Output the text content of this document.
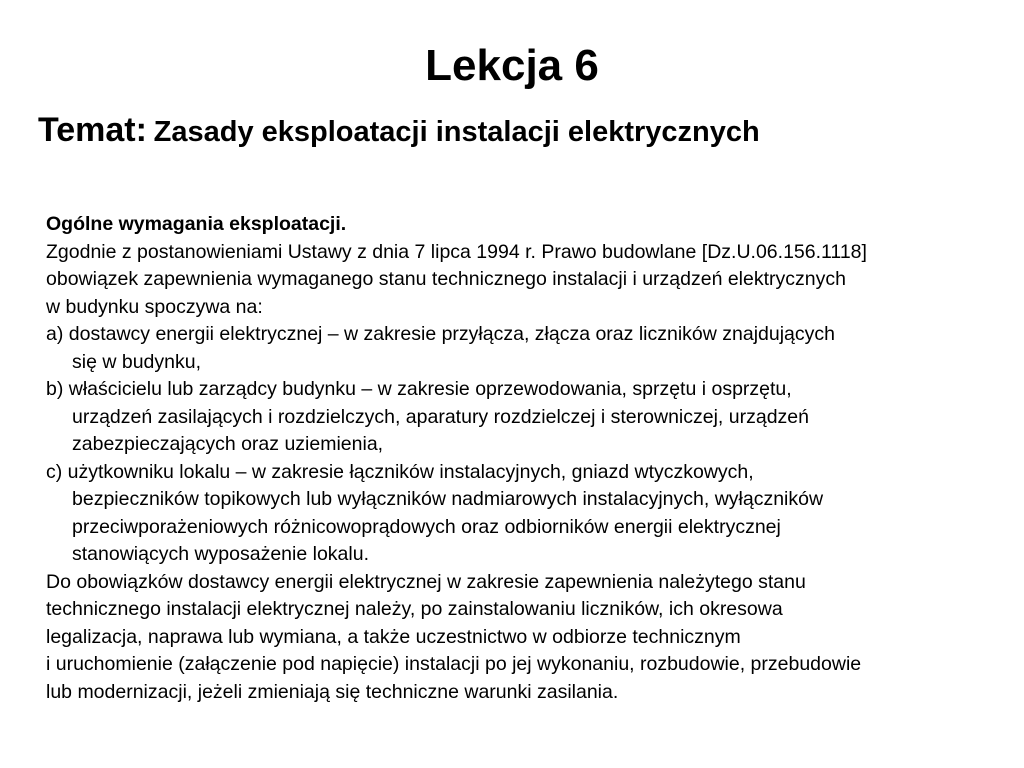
Lekcja 6
Temat: Zasady eksploatacji instalacji elektrycznych
Ogólne wymagania eksploatacji.
Zgodnie z postanowieniami Ustawy z dnia 7 lipca 1994 r. Prawo budowlane [Dz.U.06.156.1118]
obowiązek zapewnienia wymaganego stanu technicznego instalacji i urządzeń elektrycznych
w budynku spoczywa na:
a) dostawcy energii elektrycznej – w zakresie przyłącza, złącza oraz liczników znajdujących
się w budynku,
b) właścicielu lub zarządcy budynku – w zakresie oprzewodowania, sprzętu i osprzętu,
urządzeń zasilających i rozdzielczych, aparatury rozdzielczej i sterowniczej, urządzeń
zabezpieczających oraz uziemienia,
c) użytkowniku lokalu – w zakresie łączników instalacyjnych, gniazd wtyczkowych,
bezpieczników topikowych lub wyłączników nadmiarowych instalacyjnych, wyłączników
przeciwporażeniowych różnicowoprądowych oraz odbiorników energii elektrycznej
stanowiących wyposażenie lokalu.
Do obowiązków dostawcy energii elektrycznej w zakresie zapewnienia należytego stanu
technicznego instalacji elektrycznej należy, po zainstalowaniu liczników, ich okresowa
legalizacja, naprawa lub wymiana, a także uczestnictwo w odbiorze technicznym
i uruchomienie (załączenie pod napięcie) instalacji po jej wykonaniu, rozbudowie, przebudowie
lub modernizacji, jeżeli zmieniają się techniczne warunki zasilania.
